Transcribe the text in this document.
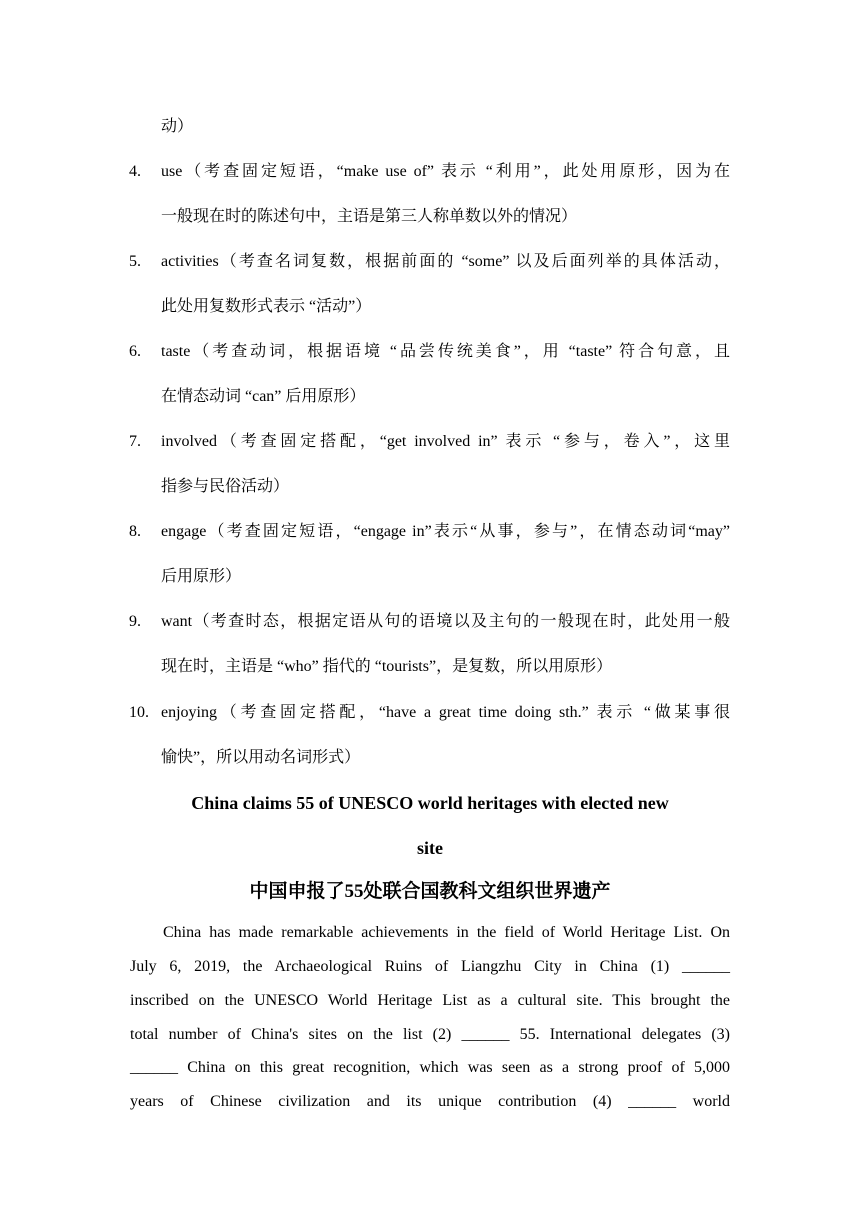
动）
4. use（考查固定短语，“make use of” 表示 “利用”，此处用原形，因为在
一般现在时的陈述句中，主语是第三人称单数以外的情况）
5. activities（考查名词复数，根据前面的 “some” 以及后面列举的具体活动，
此处用复数形式表示 “活动”）
6. taste（考查动词，根据语境 “品尝传统美食”，用 “taste” 符合句意，且
在情态动词 “can” 后用原形）
7. involved（考查固定搭配，“get involved in” 表示 “参与，卷入”，这里
指参与民俗活动）
8. engage（考查固定短语，“engage in”表示“从事，参与”，在情态动词“may”
后用原形）
9. want（考查时态，根据定语从句的语境以及主句的一般现在时，此处用一般
现在时，主语是 “who” 指代的 “tourists”，是复数，所以用原形）
10. enjoying（考查固定搭配，“have a great time doing sth.” 表示 “做某事很
愉快”，所以用动名词形式）
China claims 55 of UNESCO world heritages with elected new
site
中国申报了55处联合国教科文组织世界遗产
China has made remarkable achievements in the field of World Heritage List. On
July 6, 2019, the Archaeological Ruins of Liangzhu City in China (1) ______
inscribed on the UNESCO World Heritage List as a cultural site. This brought the
total number of China's sites on the list (2) ______ 55. International delegates (3)
______ China on this great recognition, which was seen as a strong proof of 5,000
years of Chinese civilization and its unique contribution (4) ______ world
